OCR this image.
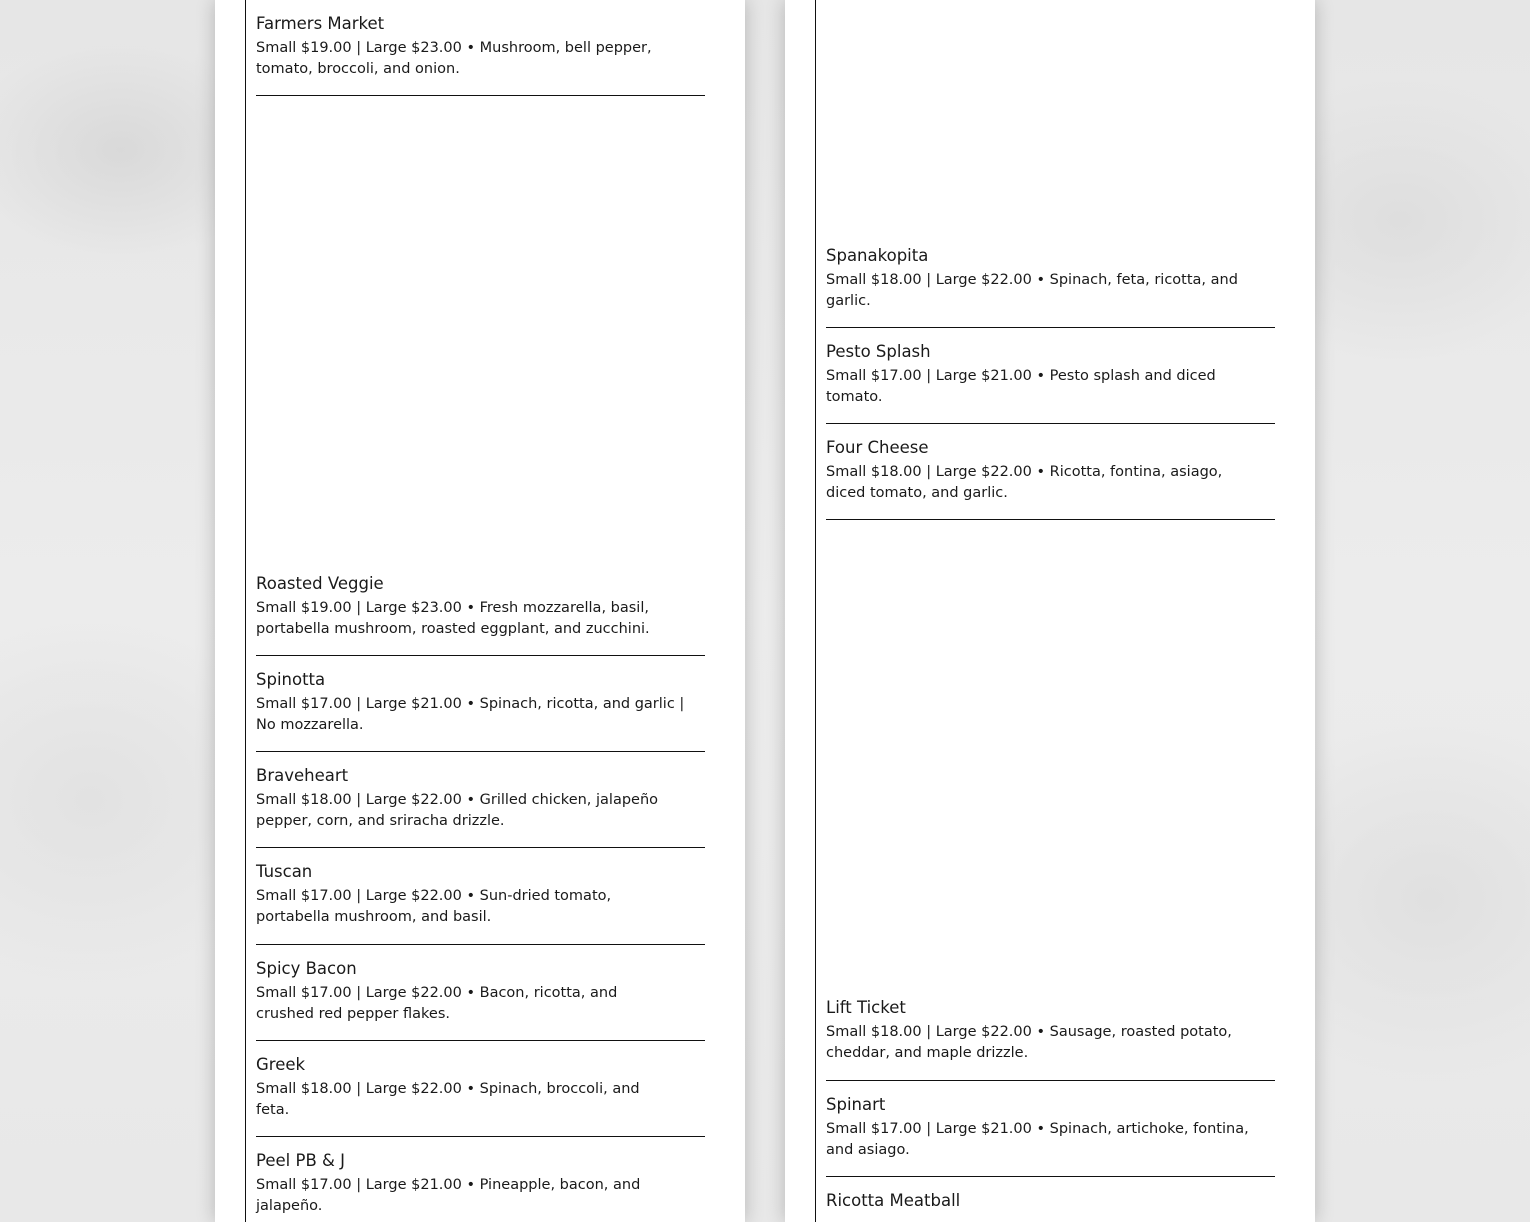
Farmers Market
Small $19.00 | Large $23.00 • Mushroom, bell pepper, tomato, broccoli, and onion.
Roasted Veggie
Small $19.00 | Large $23.00 • Fresh mozzarella, basil, portabella mushroom, roasted eggplant, and zucchini.
Spinotta
Small $17.00 | Large $21.00 • Spinach, ricotta, and garlic | No mozzarella.
Braveheart
Small $18.00 | Large $22.00 • Grilled chicken, jalapeño pepper, corn, and sriracha drizzle.
Tuscan
Small $17.00 | Large $22.00 • Sun-dried tomato, portabella mushroom, and basil.
Spicy Bacon
Small $17.00 | Large $22.00 • Bacon, ricotta, and crushed red pepper flakes.
Greek
Small $18.00 | Large $22.00 • Spinach, broccoli, and feta.
Peel PB & J
Small $17.00 | Large $21.00 • Pineapple, bacon, and jalapeño.
Spanakopita
Small $18.00 | Large $22.00 • Spinach, feta, ricotta, and garlic.
Pesto Splash
Small $17.00 | Large $21.00 • Pesto splash and diced tomato.
Four Cheese
Small $18.00 | Large $22.00 • Ricotta, fontina, asiago, diced tomato, and garlic.
Lift Ticket
Small $18.00 | Large $22.00 • Sausage, roasted potato, cheddar, and maple drizzle.
Spinart
Small $17.00 | Large $21.00 • Spinach, artichoke, fontina, and asiago.
Ricotta Meatball
